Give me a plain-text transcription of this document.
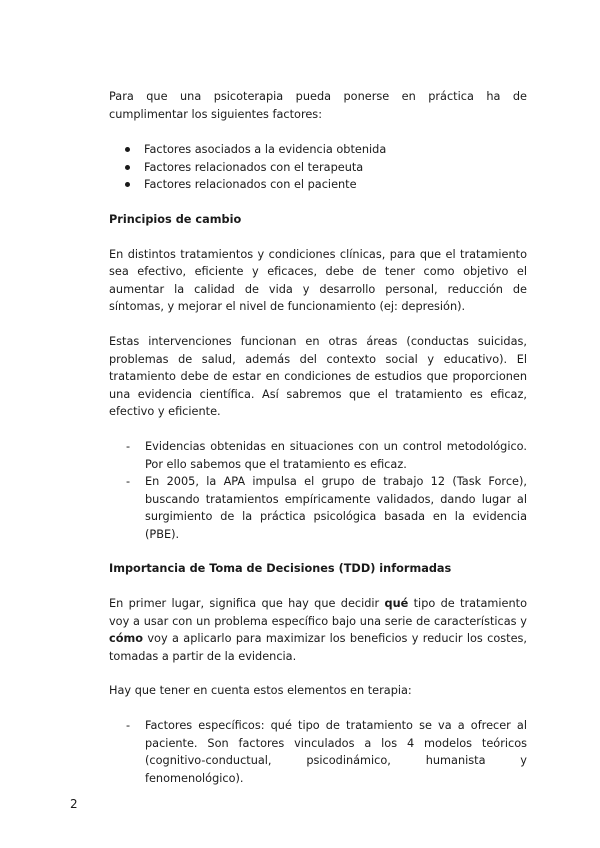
Para que una psicoterapia pueda ponerse en práctica ha de cumplimentar los siguientes factores:

Factores asociados a la evidencia obtenida
Factores relacionados con el terapeuta
Factores relacionados con el paciente

Principios de cambio

En distintos tratamientos y condiciones clínicas, para que el tratamiento sea efectivo, eficiente y eficaces, debe de tener como objetivo el aumentar la calidad de vida y desarrollo personal, reducción de síntomas, y mejorar el nivel de funcionamiento (ej: depresión).

Estas intervenciones funcionan en otras áreas (conductas suicidas, problemas de salud, además del contexto social y educativo). El tratamiento debe de estar en condiciones de estudios que proporcionen una evidencia científica. Así sabremos que el tratamiento es eficaz, efectivo y eficiente.

- Evidencias obtenidas en situaciones con un control metodológico. Por ello sabemos que el tratamiento es eficaz.
- En 2005, la APA impulsa el grupo de trabajo 12 (Task Force), buscando tratamientos empíricamente validados, dando lugar al surgimiento de la práctica psicológica basada en la evidencia (PBE).

Importancia de Toma de Decisiones (TDD) informadas

En primer lugar, significa que hay que decidir qué tipo de tratamiento voy a usar con un problema específico bajo una serie de características y cómo voy a aplicarlo para maximizar los beneficios y reducir los costes, tomadas a partir de la evidencia.

Hay que tener en cuenta estos elementos en terapia:

- Factores específicos: qué tipo de tratamiento se va a ofrecer al paciente. Son factores vinculados a los 4 modelos teóricos (cognitivo-conductual, psicodinámico, humanista y fenomenológico).
2
